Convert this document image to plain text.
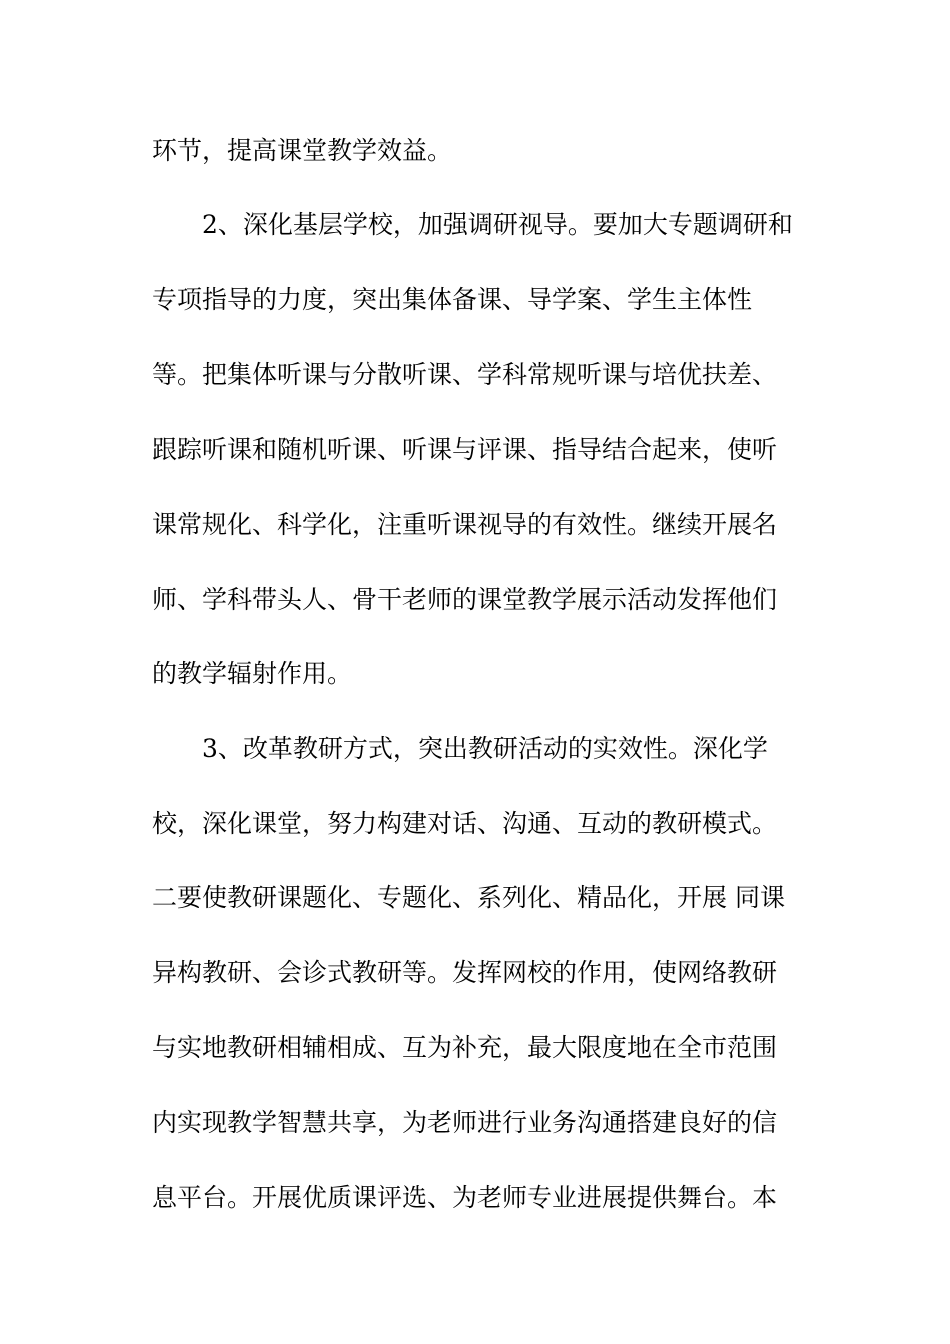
环节，提高课堂教学效益。
2、深化基层学校，加强调研视导。要加大专题调研和
专项指导的力度，突出集体备课、导学案、学生主体性
等。把集体听课与分散听课、学科常规听课与培优扶差、
跟踪听课和随机听课、听课与评课、指导结合起来，使听
课常规化、科学化，注重听课视导的有效性。继续开展名
师、学科带头人、骨干老师的课堂教学展示活动发挥他们
的教学辐射作用。
3、改革教研方式，突出教研活动的实效性。深化学
校，深化课堂，努力构建对话、沟通、互动的教研模式。
二要使教研课题化、专题化、系列化、精品化，开展 同课
异构教研、会诊式教研等。发挥网校的作用，使网络教研
与实地教研相辅相成、互为补充，最大限度地在全市范围
内实现教学智慧共享，为老师进行业务沟通搭建良好的信
息平台。开展优质课评选、为老师专业进展提供舞台。本
